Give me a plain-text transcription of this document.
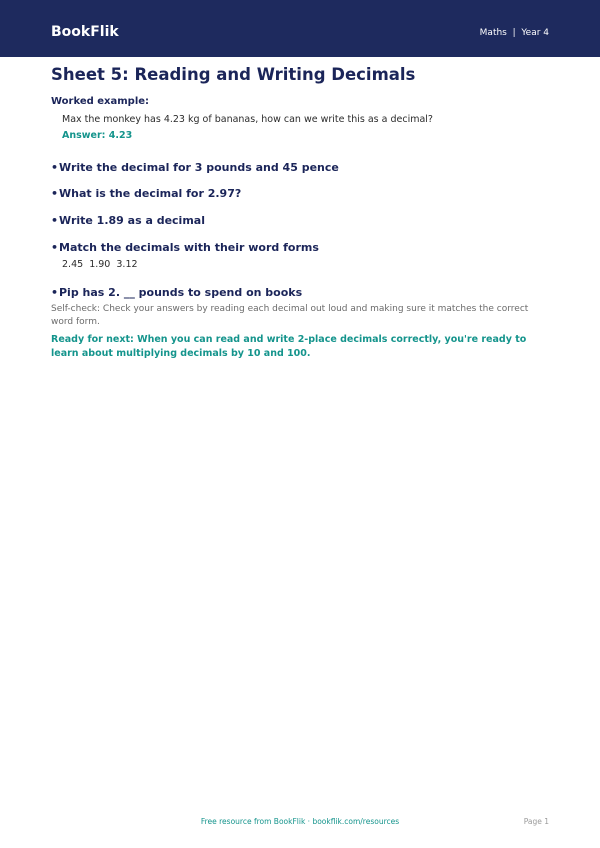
BookFlik	Maths  |  Year 4
Sheet 5: Reading and Writing Decimals
Worked example:
Max the monkey has 4.23 kg of bananas, how can we write this as a decimal?
Answer: 4.23
•Write the decimal for 3 pounds and 45 pence
•What is the decimal for 2.97?
•Write 1.89 as a decimal
•Match the decimals with their word forms
2.45  1.90  3.12
•Pip has 2. __ pounds to spend on books
Self-check: Check your answers by reading each decimal out loud and making sure it matches the correct word form.
Ready for next: When you can read and write 2-place decimals correctly, you're ready to learn about multiplying decimals by 10 and 100.
Free resource from BookFlik · bookflik.com/resources	Page 1
